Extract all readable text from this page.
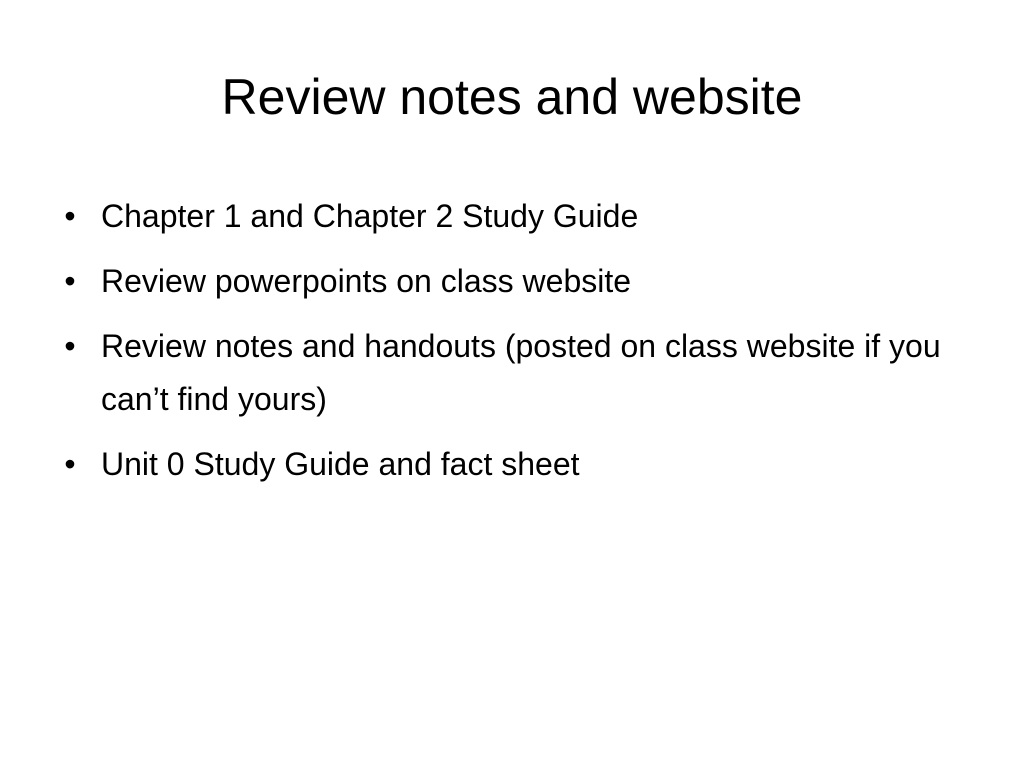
Review notes and website
• Chapter 1 and Chapter 2 Study Guide
• Review powerpoints on class website
• Review notes and handouts (posted on class website if you can’t find yours)
• Unit 0 Study Guide and fact sheet
